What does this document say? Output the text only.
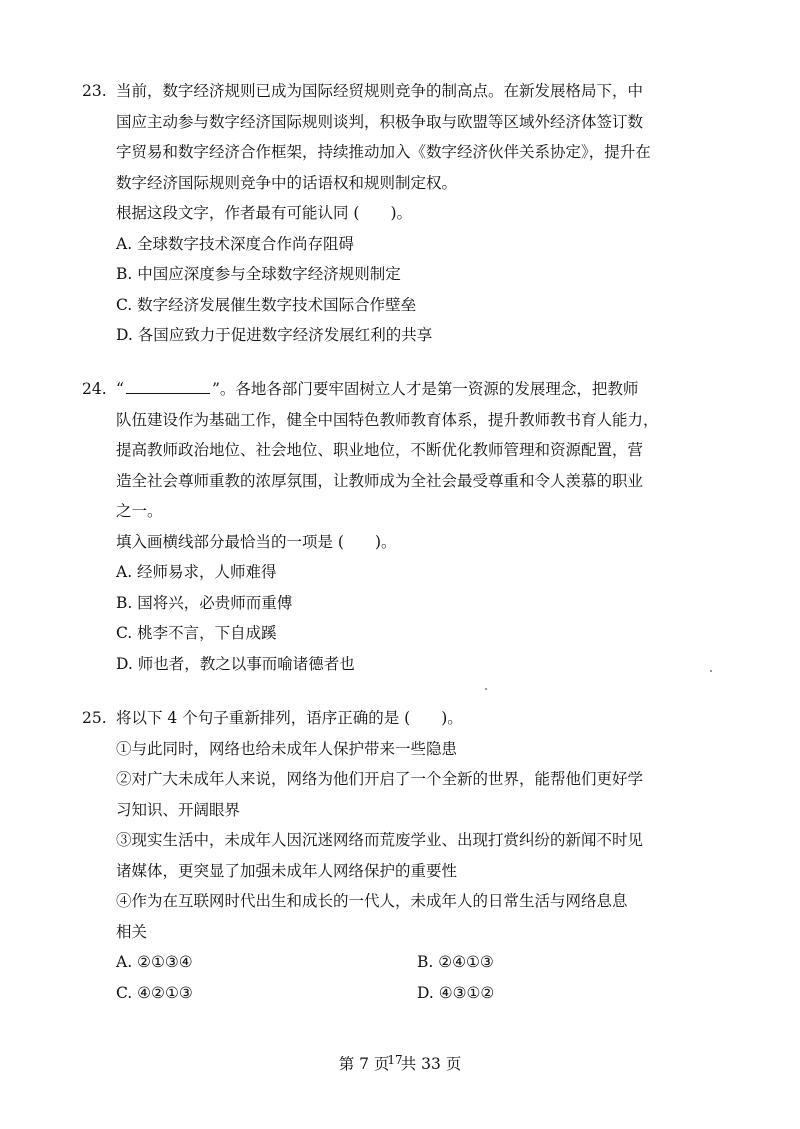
23. 当前，数字经济规则已成为国际经贸规则竞争的制高点。在新发展格局下，中
国应主动参与数字经济国际规则谈判，积极争取与欧盟等区域外经济体签订数
字贸易和数字经济合作框架，持续推动加入《数字经济伙伴关系协定》，提升在
数字经济国际规则竞争中的话语权和规则制定权。
根据这段文字，作者最有可能认同 (　　)。
A. 全球数字技术深度合作尚存阻碍
B. 中国应深度参与全球数字经济规则制定
C. 数字经济发展催生数字技术国际合作壁垒
D. 各国应致力于促进数字经济发展红利的共享
24. “	”。各地各部门要牢固树立人才是第一资源的发展理念，把教师
队伍建设作为基础工作，健全中国特色教师教育体系，提升教师教书育人能力，
提高教师政治地位、社会地位、职业地位，不断优化教师管理和资源配置，营
造全社会尊师重教的浓厚氛围，让教师成为全社会最受尊重和令人羡慕的职业
之一。
填入画横线部分最恰当的一项是 (　　)。
A. 经师易求，人师难得
B. 国将兴，必贵师而重傅
C. 桃李不言，下自成蹊
D. 师也者，教之以事而喻诸德者也
25. 将以下 4 个句子重新排列，语序正确的是 (　　)。
①与此同时，网络也给未成年人保护带来一些隐患
②对广大未成年人来说，网络为他们开启了一个全新的世界，能帮他们更好学
习知识、开阔眼界
③现实生活中，未成年人因沉迷网络而荒废学业、出现打赏纠纷的新闻不时见
诸媒体，更突显了加强未成年人网络保护的重要性
④作为在互联网时代出生和成长的一代人，未成年人的日常生活与网络息息
相关
A. ②①③④	B. ②④①③
C. ④②①③	D. ④③①②
第 7 页$^{17}$共 33 页
